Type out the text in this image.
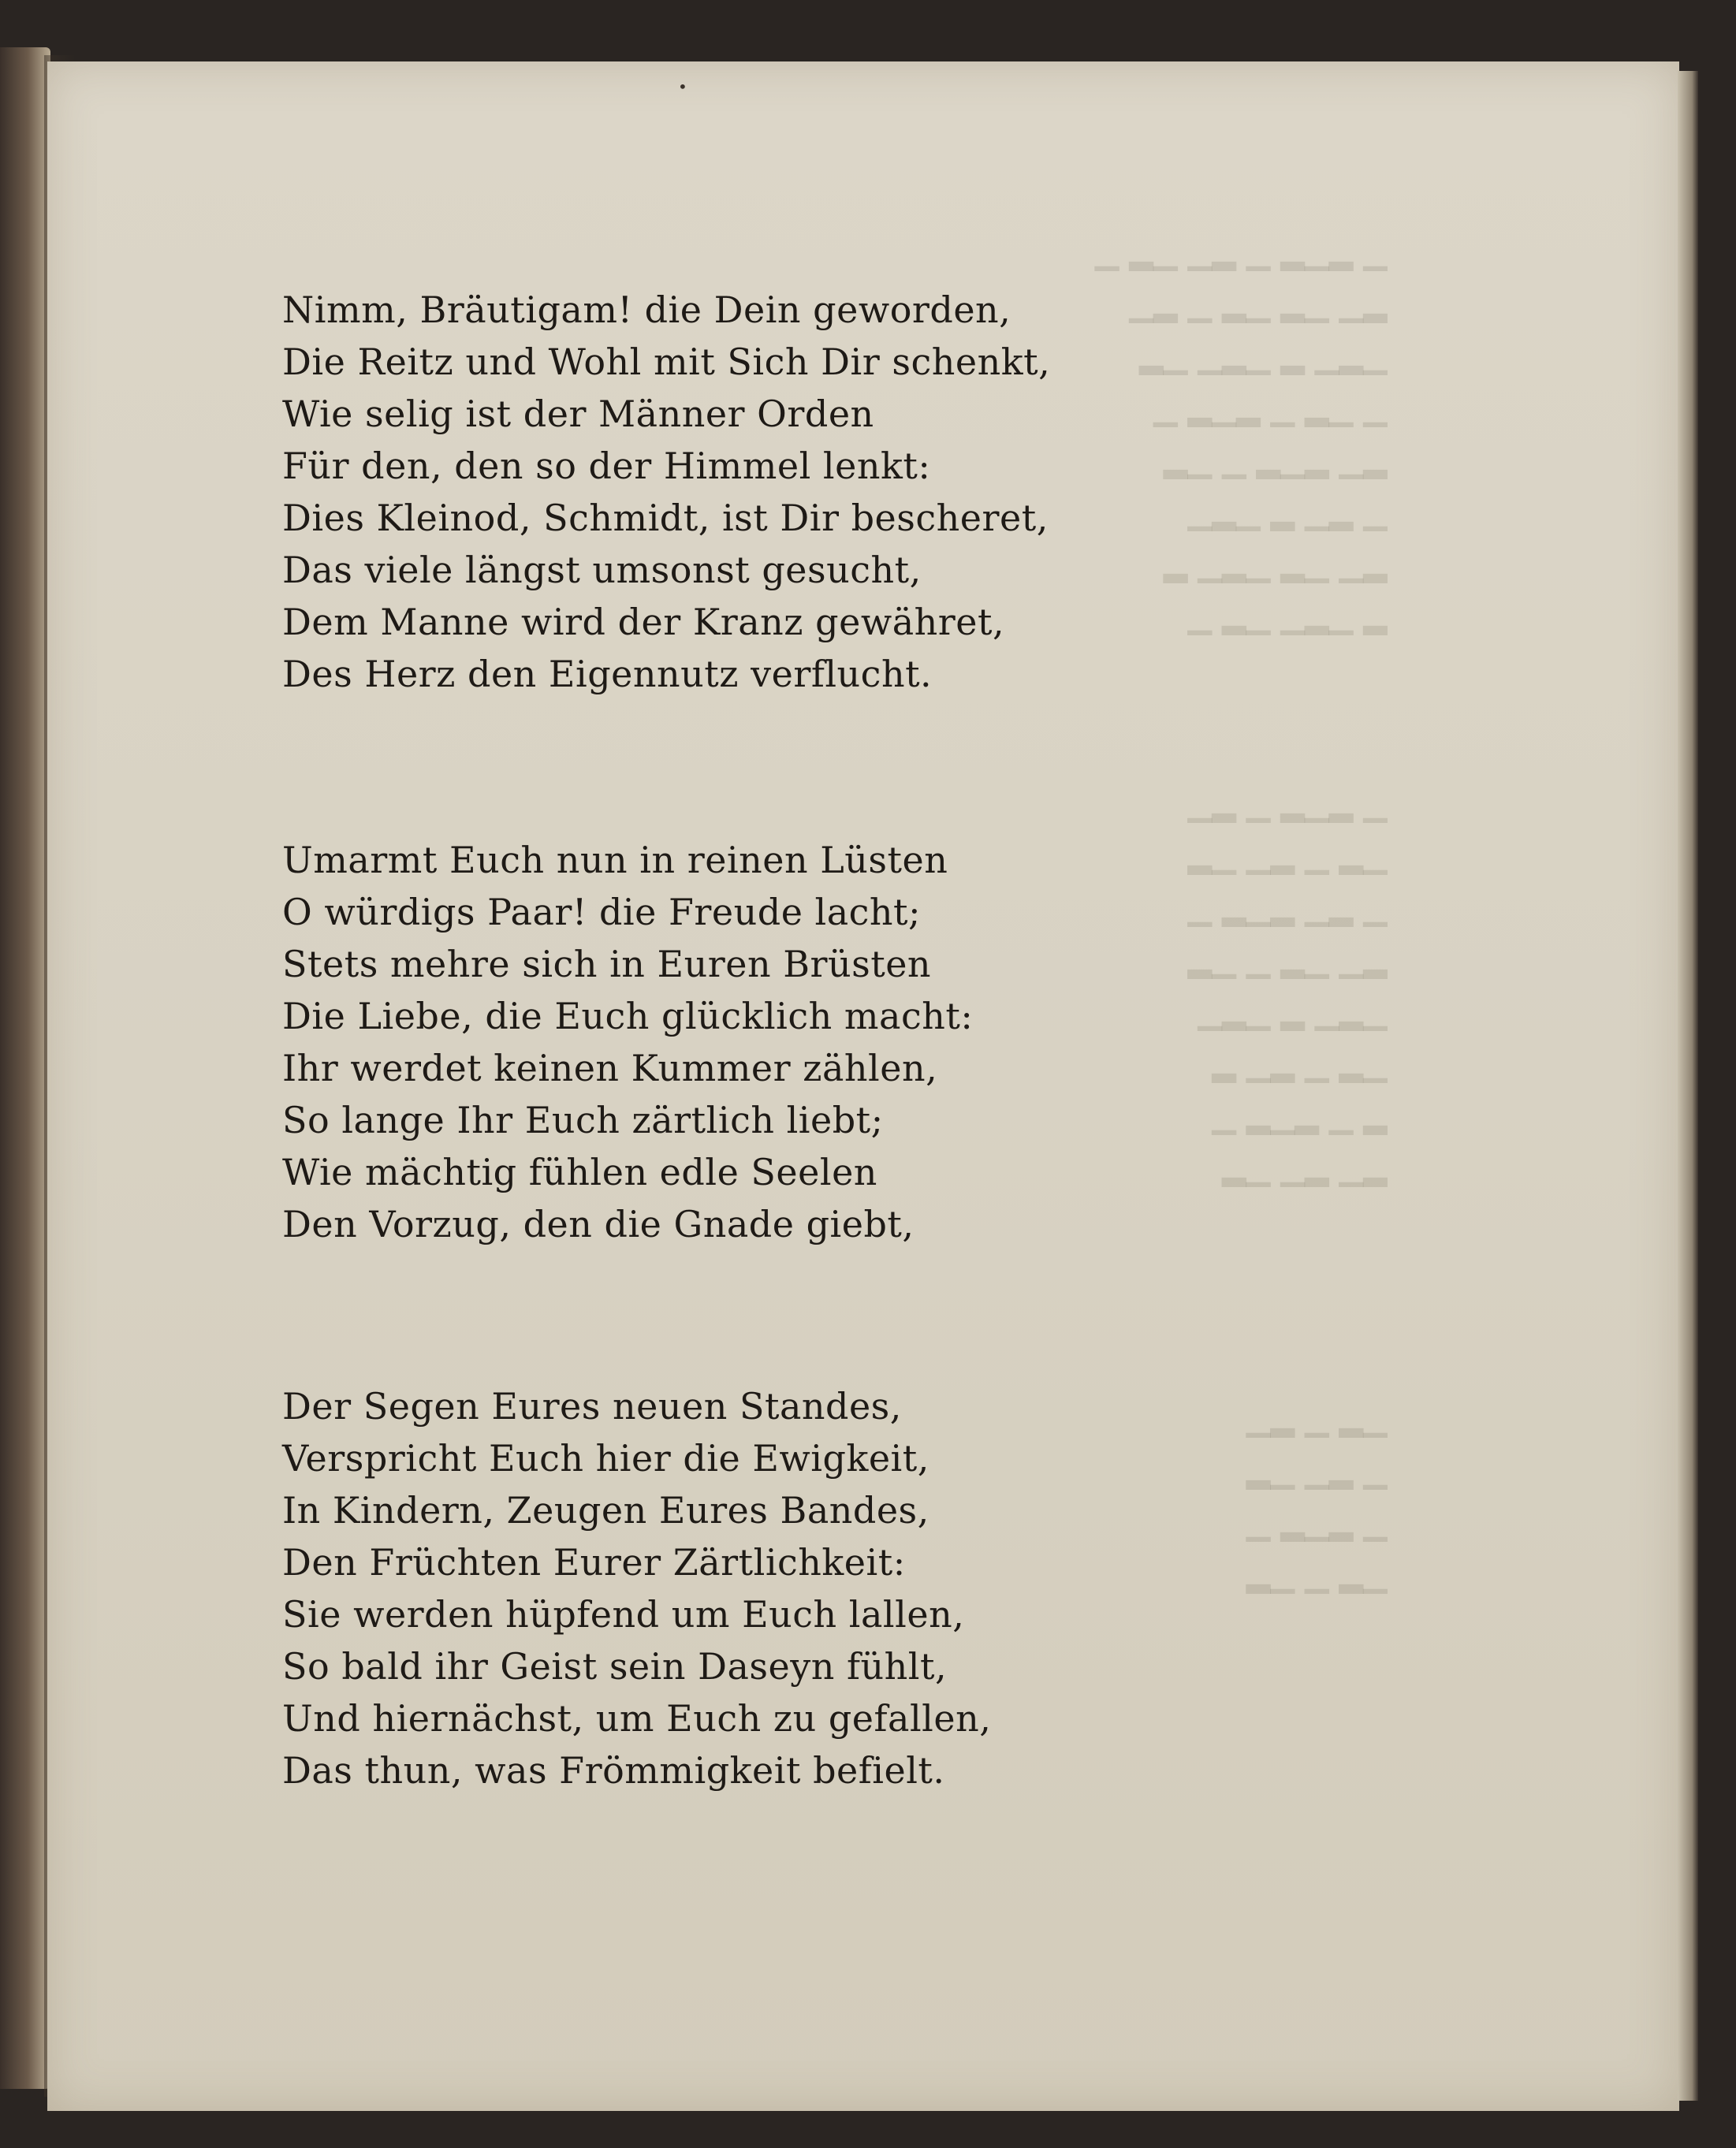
•
▁ ▂▁ ▁▂ ▁ ▂▁▂ ▁
▁▂ ▁ ▂▁ ▂▁ ▁▂
▂▁ ▁▂▁ ▂ ▁▂▁
▁ ▂▁▂ ▁ ▂▁ ▁
▂▁ ▁ ▂▁▂ ▁▂
▁▂▁ ▂ ▁▂ ▁
▂ ▁▂▁ ▂▁ ▁▂
▁ ▂▁ ▁▂▁ ▂
▁▂ ▁ ▂▁▂ ▁
▂▁ ▁▂ ▁ ▂▁
▁ ▂▁▂ ▁▂ ▁
▂▁ ▁ ▂▁ ▁▂
▁▂▁ ▂ ▁▂▁
▂ ▁▂ ▁ ▂▁
▁ ▂▁▂ ▁ ▂
▂▁ ▁▂ ▁▂
▁▂ ▁ ▂▁
▂▁ ▁▂ ▁
▁ ▂▁▂ ▁
▂▁ ▁ ▂▁
Nimm, Bräutigam! die Dein geworden,
Die Reitz und Wohl mit Sich Dir schenkt,
Wie selig ist der Männer Orden
Für den, den so der Himmel lenkt:
Dies Kleinod, Schmidt, ist Dir bescheret,
Das viele längst umsonst gesucht,
Dem Manne wird der Kranz gewähret,
Des Herz den Eigennutz verflucht.
Umarmt Euch nun in reinen Lüsten
O würdigs Paar! die Freude lacht;
Stets mehre sich in Euren Brüsten
Die Liebe, die Euch glücklich macht:
Ihr werdet keinen Kummer zählen,
So lange Ihr Euch zärtlich liebt;
Wie mächtig fühlen edle Seelen
Den Vorzug, den die Gnade giebt,
Der Segen Eures neuen Standes,
Verspricht Euch hier die Ewigkeit,
In Kindern, Zeugen Eures Bandes,
Den Früchten Eurer Zärtlichkeit:
Sie werden hüpfend um Euch lallen,
So bald ihr Geist sein Daseyn fühlt,
Und hiernächst, um Euch zu gefallen,
Das thun, was Frömmigkeit befielt.
